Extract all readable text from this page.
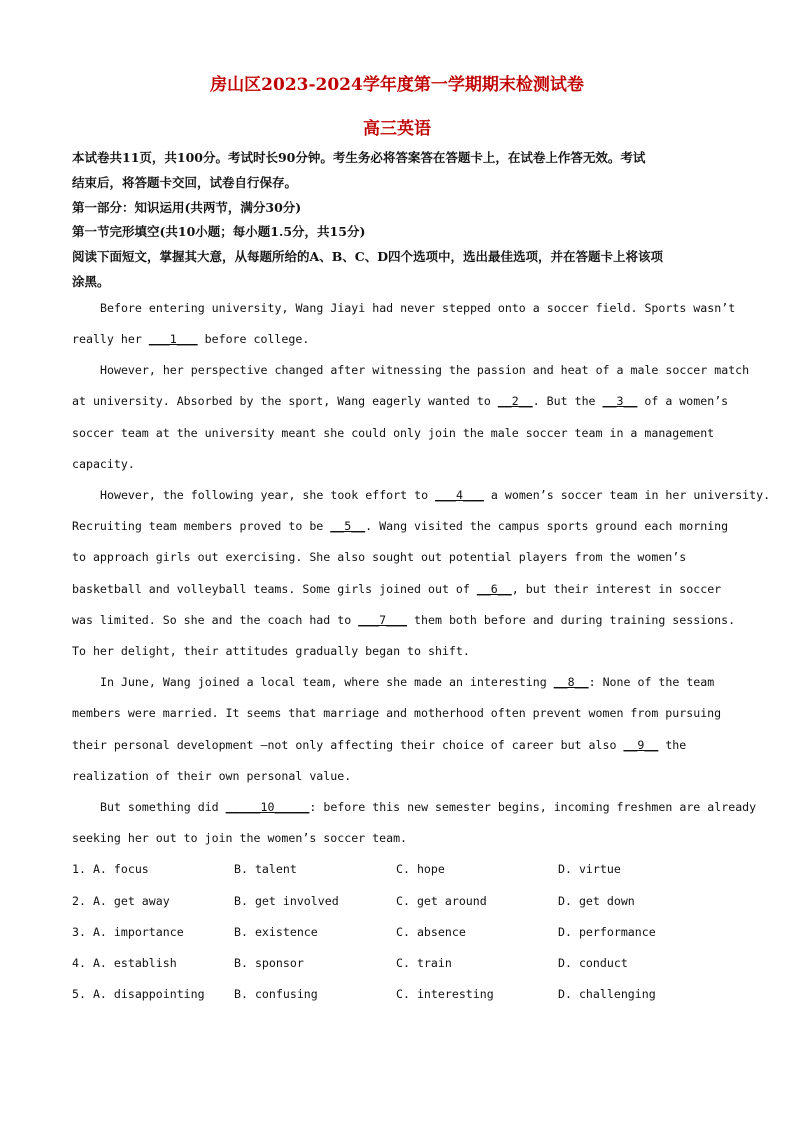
房山区2023-2024学年度第一学期期末检测试卷
高三英语
本试卷共11页，共100分。考试时长90分钟。考生务必将答案答在答题卡上，在试卷上作答无效。考试
结束后，将答题卡交回，试卷自行保存。
第一部分：知识运用(共两节，满分30分)
第一节完形填空(共10小题；每小题1.5分，共15分)
阅读下面短文，掌握其大意，从每题所给的A、B、C、D四个选项中，选出最佳选项，并在答题卡上将该项
涂黑。
Before entering university, Wang Jiayi had never stepped onto a soccer field. Sports wasn’t
really her ___1___ before college.
However, her perspective changed after witnessing the passion and heat of a male soccer match
at university. Absorbed by the sport, Wang eagerly wanted to __2__. But the __3__ of a women’s
soccer team at the university meant she could only join the male soccer team in a management
capacity.
However, the following year, she took effort to ___4___ a women’s soccer team in her university.
Recruiting team members proved to be __5__. Wang visited the campus sports ground each morning
to approach girls out exercising. She also sought out potential players from the women’s
basketball and volleyball teams. Some girls joined out of __6__, but their interest in soccer
was limited. So she and the coach had to ___7___ them both before and during training sessions.
To her delight, their attitudes gradually began to shift.
In June, Wang joined a local team, where she made an interesting __8__: None of the team
members were married. It seems that marriage and motherhood often prevent women from pursuing
their personal development —not only affecting their choice of career but also __9__ the
realization of their own personal value.
But something did _____10_____: before this new semester begins, incoming freshmen are already
seeking her out to join the women’s soccer team.
1. A. focus	B. talent	C. hope	D. virtue
2. A. get away	B. get involved	C. get around	D. get down
3. A. importance	B. existence	C. absence	D. performance
4. A. establish	B. sponsor	C. train	D. conduct
5. A. disappointing	B. confusing	C. interesting	D. challenging
